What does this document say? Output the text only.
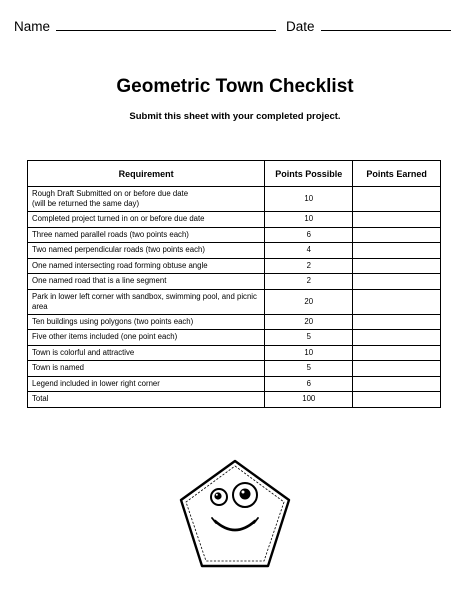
Name	Date
Geometric Town Checklist
Submit this sheet with your completed project.
Requirement	Points Possible	Points Earned
Rough Draft Submitted on or before due date
(will be returned the same day)	10	
Completed project turned in on or before due date	10	
Three named parallel roads (two points each)	6	
Two named perpendicular roads (two points each)	4	
One named intersecting road forming obtuse angle	2	
One named road that is a line segment	2	
Park in lower left corner with sandbox, swimming pool, and picnic area	20	
Ten buildings using polygons (two points each)	20	
Five other items included (one point each)	5	
Town is colorful and attractive	10	
Town is named	5	
Legend included in lower right corner	6	
Total	100	
